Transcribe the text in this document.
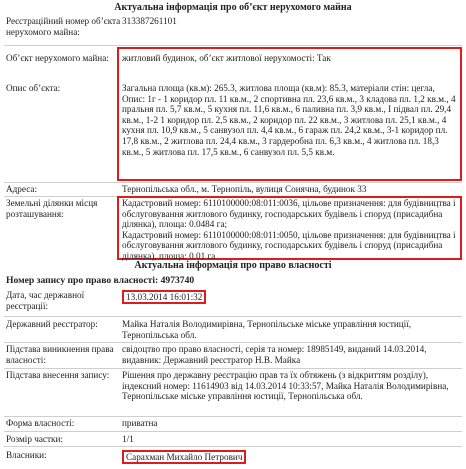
Актуальна інформація про об’єкт нерухомого майна
Реєстраційний номер об’єкта нерухомого майна:
313387261101
Об’єкт нерухомого майна:	житловий будинок, об’єкт житлової нерухомості: Так
Опис об’єкта:	Загальна площа (кв.м): 265.3, житлова площа (кв.м): 85.3, матеріали стін: цегла, Опис: 1г - 1 коридор пл. 11 кв.м., 2 спортивна пл. 23,6 кв.м., 3 кладова пл. 1,2 кв.м., 4 пральня пл. 5,7 кв.м., 5 кухня пл. 11,6 кв.м., 6 паливна пл. 3,9 кв.м., І підвал пл. 29,4 кв.м., 1-2 1 коридор пл. 2,5 кв.м., 2 коридор пл. 22 кв.м., 3 житлова пл. 25,1 кв.м., 4 кухня пл. 10,9 кв.м., 5 санвузол пл. 4,4 кв.м., 6 гараж пл. 24,2 кв.м., 3-1 коридор пл. 17,8 кв.м., 2 житлова пл. 24,4 кв.м., 3 гардеробна пл. 6,3 кв.м., 4 житлова пл. 18,3 кв.м., 5 житлова пл. 17,5 кв.м., 6 санвузол пл. 5,5 кв.м.
Адреса:	Тернопільська обл., м. Тернопіль, вулиця Сонячна, будинок 33
Земельні ділянки місця розташування:

Кадастровий номер: 6110100000:08:011:0036, цільове призначення: для будівництва і обслуговування житлового будинку, господарських будівель і споруд (присадибна ділянка), площа: 0.0484 га;

Кадастровий номер: 6110100000:08:011:0050, цільове призначення: для будівництва і обслуговування житлового будинку, господарських будівель і споруд (присадибна ділянка), площа: 0.01 га

Актуальна інформація про право власності
Номер запису про право власності: 4973740
Дата, час державної реєстрації:
13.03.2014 16:01:32
Державний реєстратор:	Майка Наталія Володимирівна, Тернопільське міське управління юстиції, Тернопільська обл.
Підстава виникнення права власності:
свідоцтво про право власності, серія та номер: 18985149, виданий 14.03.2014, видавник: Державний реєстратор Н.В. Майка
Підстава внесення запису:	Рішення про державну реєстрацію прав та їх обтяжень (з відкриттям розділу), індексний номер: 11614903 від 14.03.2014 10:33:57, Майка Наталія Володимирівна, Тернопільське міське управління юстиції, Тернопільська обл.
Форма власності:	приватна
Розмір частки:	1/1
Власники:	Сарахман Михайло Петрович
